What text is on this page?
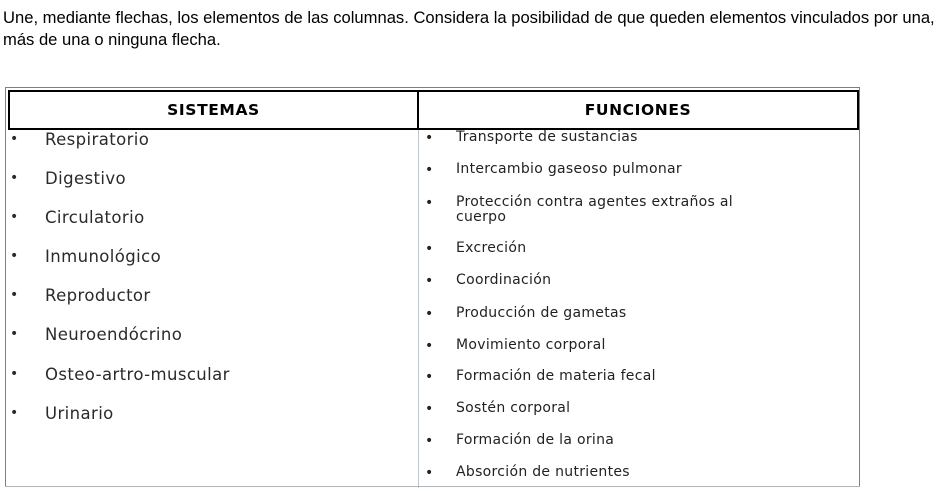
Une, mediante flechas, los elementos de las columnas. Considera la posibilidad de que queden elementos vinculados por una, más de una o ninguna flecha.

SISTEMAS	FUNCIONES
• Respiratorio
• Digestivo
• Circulatorio
• Inmunológico
• Reproductor
• Neuroendócrino
• Osteo-artro-muscular
• Urinario
• Transporte de sustancias
• Intercambio gaseoso pulmonar
• Protección contra agentes extraños al
cuerpo
• Excreción
• Coordinación
• Producción de gametas
• Movimiento corporal
• Formación de materia fecal
• Sostén corporal
• Formación de la orina
• Absorción de nutrientes
